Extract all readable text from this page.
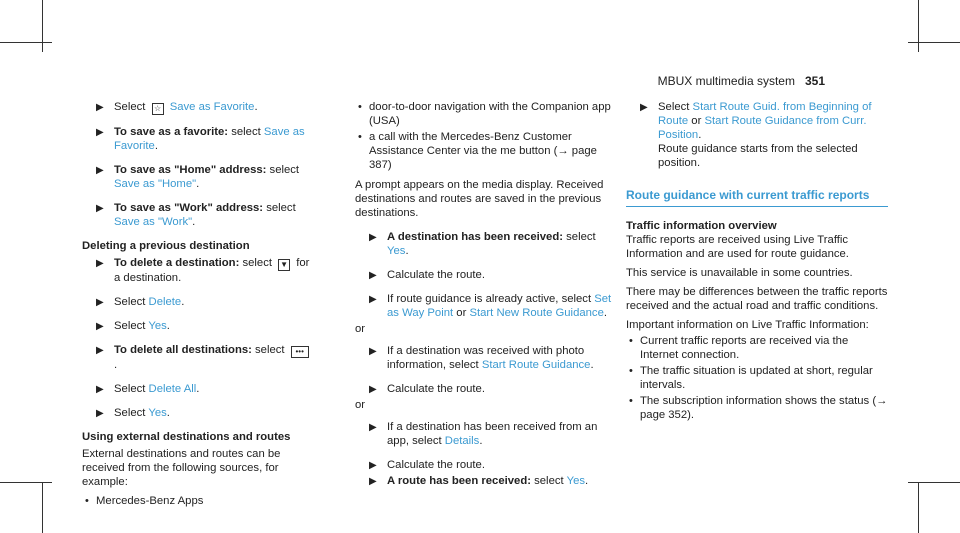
MBUX multimedia system 351
▶ Select ☆ Save as Favorite.
▶ To save as a favorite: select Save as Favorite.
▶ To save as "Home" address: select Save as "Home".
▶ To save as "Work" address: select Save as "Work".
Deleting a previous destination
▶ To delete a destination: select ▼ for a destination.
▶ Select Delete.
▶ Select Yes.
▶ To delete all destinations: select •••.
▶ Select Delete All.
▶ Select Yes.
Using external destinations and routes
External destinations and routes can be received from the following sources, for example:
• Mercedes-Benz Apps
• door-to-door navigation with the Companion app (USA)
• a call with the Mercedes-Benz Customer Assistance Center via the me button (→ page 387)
A prompt appears on the media display. Received destinations and routes are saved in the previous destinations.
▶ A destination has been received: select Yes.
▶ Calculate the route.
▶ If route guidance is already active, select Set as Way Point or Start New Route Guidance.
or
▶ If a destination was received with photo information, select Start Route Guidance.
▶ Calculate the route.
or
▶ If a destination has been received from an app, select Details.
▶ Calculate the route.
▶ A route has been received: select Yes.
▶ Select Start Route Guid. from Beginning of Route or Start Route Guidance from Curr. Position.
Route guidance starts from the selected position.
Route guidance with current traffic reports
Traffic information overview
Traffic reports are received using Live Traffic Information and are used for route guidance.
This service is unavailable in some countries.
There may be differences between the traffic reports received and the actual road and traffic conditions.
Important information on Live Traffic Information:
• Current traffic reports are received via the Internet connection.
• The traffic situation is updated at short, regular intervals.
• The subscription information shows the status (→ page 352).
